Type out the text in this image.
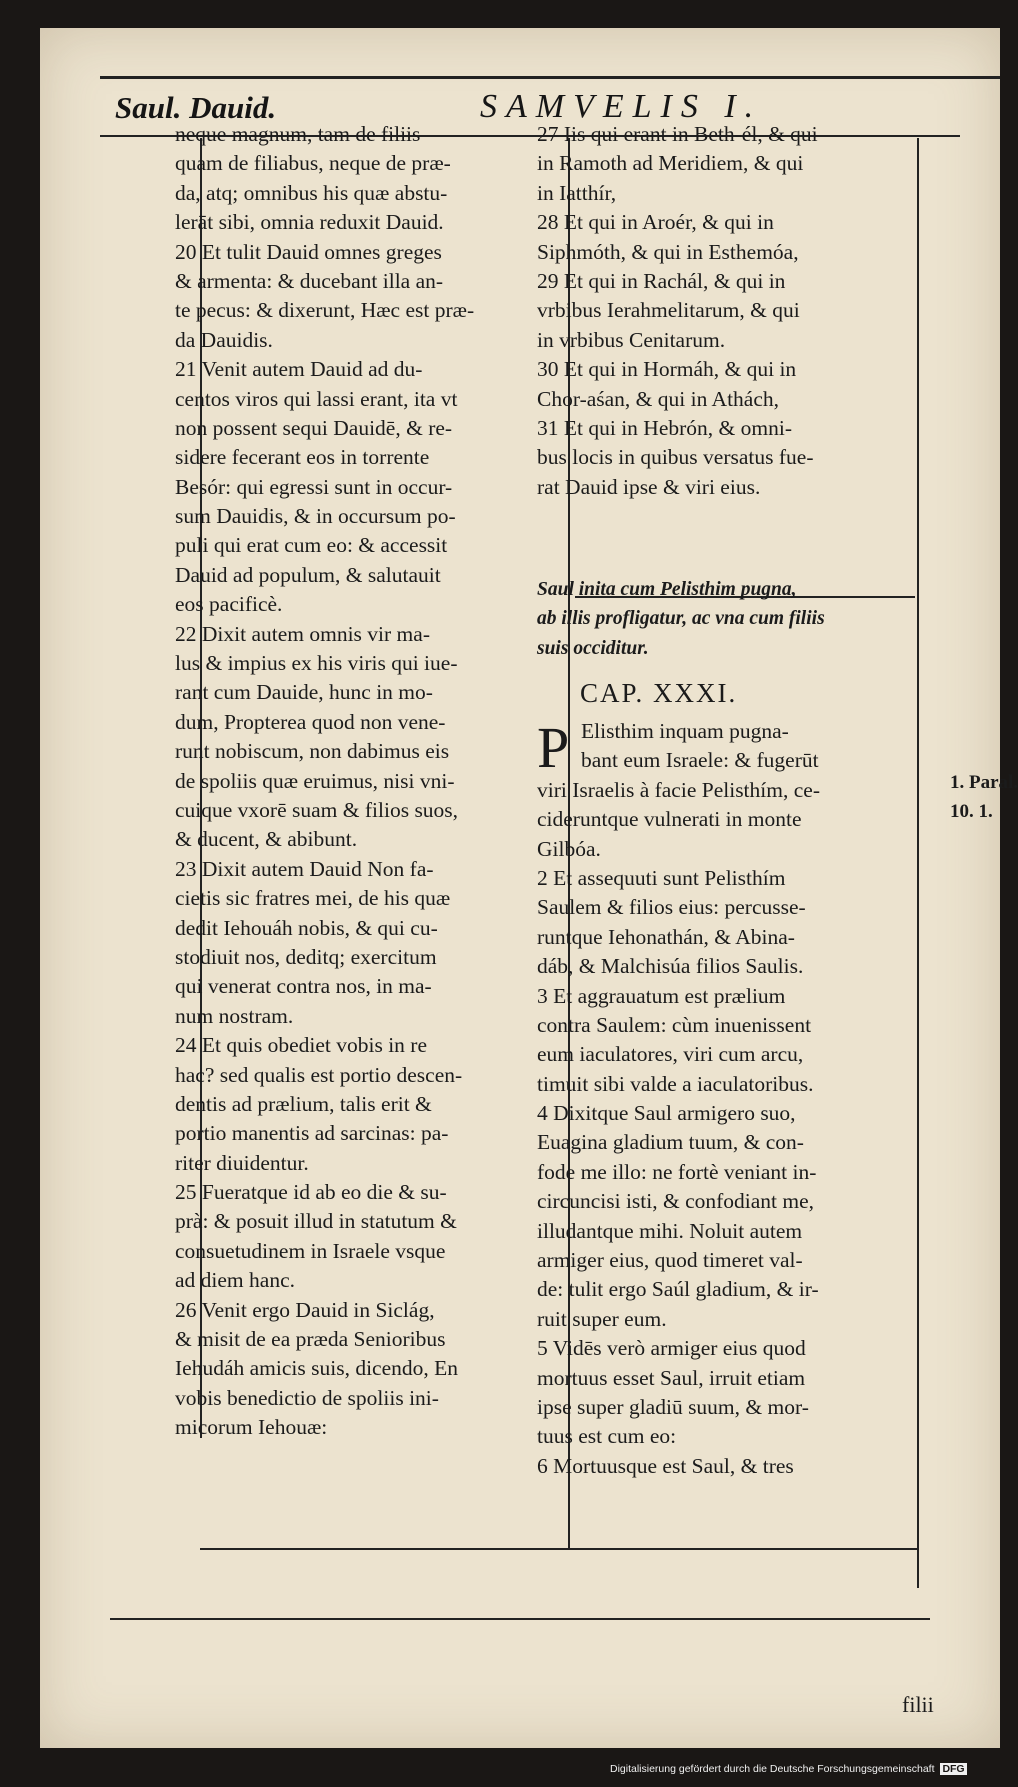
Saul. Dauid.	SAMVELIS I.
1. Paral.
10. 1.
filii
neque magnum, tam de filiis
quam de filiabus, neque de præ-
da, atq; omnibus his quæ abstu-
lerāt sibi, omnia reduxit Dauid.
20 Et tulit Dauid omnes greges
& armenta: & ducebant illa an-
te pecus: & dixerunt, Hæc est præ-
da Dauidis.
21 Venit autem Dauid ad du-
centos viros qui lassi erant, ita vt
non possent sequi Dauidē, & re-
sidere fecerant eos in torrente
Besór: qui egressi sunt in occur-
sum Dauidis, & in occursum po-
puli qui erat cum eo: & accessit
Dauid ad populum, & salutauit
eos pacificè.
22 Dixit autem omnis vir ma-
lus & impius ex his viris qui iue-
rant cum Dauide, hunc in mo-
dum, Propterea quod non vene-
runt nobiscum, non dabimus eis
de spoliis quæ eruimus, nisi vni-
cuique vxorē suam & filios suos,
& ducent, & abibunt.
23 Dixit autem Dauid Non fa-
cietis sic fratres mei, de his quæ
dedit Iehouáh nobis, & qui cu-
stodiuit nos, deditq; exercitum
qui venerat contra nos, in ma-
num nostram.
24 Et quis obediet vobis in re
hac? sed qualis est portio descen-
dentis ad prælium, talis erit &
portio manentis ad sarcinas: pa-
riter diuidentur.
25 Fueratque id ab eo die & su-
prà: & posuit illud in statutum &
consuetudinem in Israele vsque
ad diem hanc.
26 Venit ergo Dauid in Siclág,
& misit de ea præda Senioribus
Iehudáh amicis suis, dicendo, En
vobis benedictio de spoliis ini-
micorum Iehouæ:
27 Iis qui erant in Beth-él, & qui
in Ramoth ad Meridiem, & qui
in Iatthír,
28 Et qui in Aroér, & qui in
Siphmóth, & qui in Esthemóa,
29 Et qui in Rachál, & qui in
vrbibus Ierahmelitarum, & qui
in vrbibus Cenitarum.
30 Et qui in Hormáh, & qui in
Chor-aśan, & qui in Athách,
31 Et qui in Hebrón, & omni-
bus locis in quibus versatus fue-
rat Dauid ipse & viri eius.
Saul inita cum Pelisthim pugna,
ab illis profligatur, ac vna cum filiis
suis occiditur.
CAP. XXXI.
P Elisthim inquam pugna-
bant eum Israele: & fugerūt
viri Israelis à facie Pelisthím, ce-
cideruntque vulnerati in monte
Gilbóa.
2 Et assequuti sunt Pelisthím
Saulem & filios eius: percusse-
runtque Iehonathán, & Abina-
dáb, & Malchisúa filios Saulis.
3 Et aggrauatum est prælium
contra Saulem: cùm inuenissent
eum iaculatores, viri cum arcu,
timuit sibi valde a iaculatoribus.
4 Dixitque Saul armigero suo,
Euagina gladium tuum, & con-
fode me illo: ne fortè veniant in-
circuncisi isti, & confodiant me,
illudantque mihi. Noluit autem
armiger eius, quod timeret val-
de: tulit ergo Saúl gladium, & ir-
ruit super eum.
5 Vidēs verò armiger eius quod
mortuus esset Saul, irruit etiam
ipse super gladiū suum, & mor-
tuus est cum eo:
6 Mortuusque est Saul, & tres
Digitalisierung gefördert durch die Deutsche Forschungsgemeinschaft DFG
